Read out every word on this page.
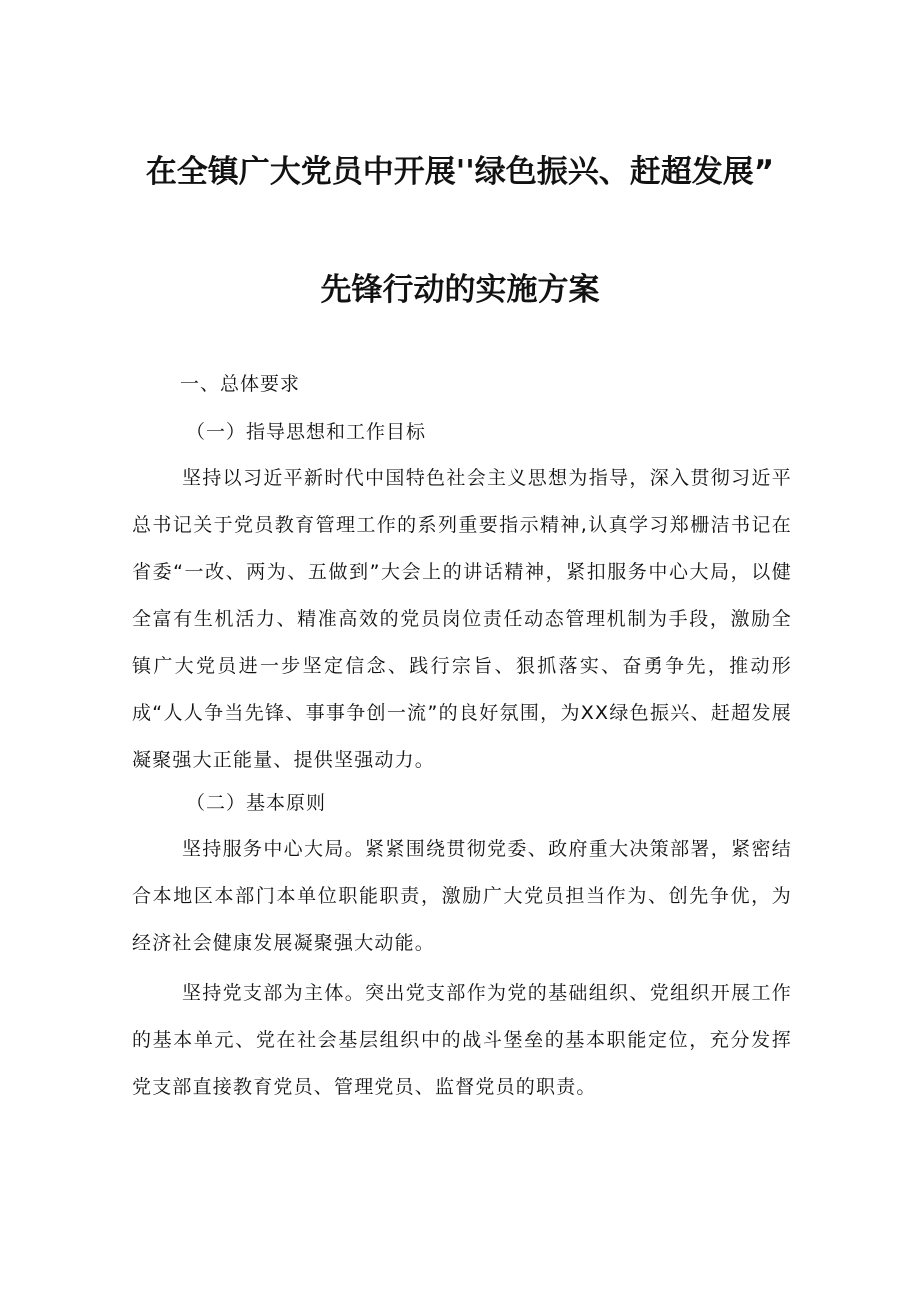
在全镇广大党员中开展''绿色振兴、赶超发展”
先锋行动的实施方案
一、总体要求
（一）指导思想和工作目标

坚持以习近平新时代中国特色社会主义思想为指导，深入贯彻习近平总书记关于党员教育管理工作的系列重要指示精神,认真学习郑栅洁书记在省委“一改、两为、五做到”大会上的讲话精神，紧扣服务中心大局，以健全富有生机活力、精准高效的党员岗位责任动态管理机制为手段，激励全镇广大党员进一步坚定信念、践行宗旨、狠抓落实、奋勇争先，推动形成“人人争当先锋、事事争创一流”的良好氛围，为XX绿色振兴、赶超发展凝聚强大正能量、提供坚强动力。

（二）基本原则

坚持服务中心大局。紧紧围绕贯彻党委、政府重大决策部署，紧密结合本地区本部门本单位职能职责，激励广大党员担当作为、创先争优，为经济社会健康发展凝聚强大动能。

坚持党支部为主体。突出党支部作为党的基础组织、党组织开展工作的基本单元、党在社会基层组织中的战斗堡垒的基本职能定位，充分发挥党支部直接教育党员、管理党员、监督党员的职责。
